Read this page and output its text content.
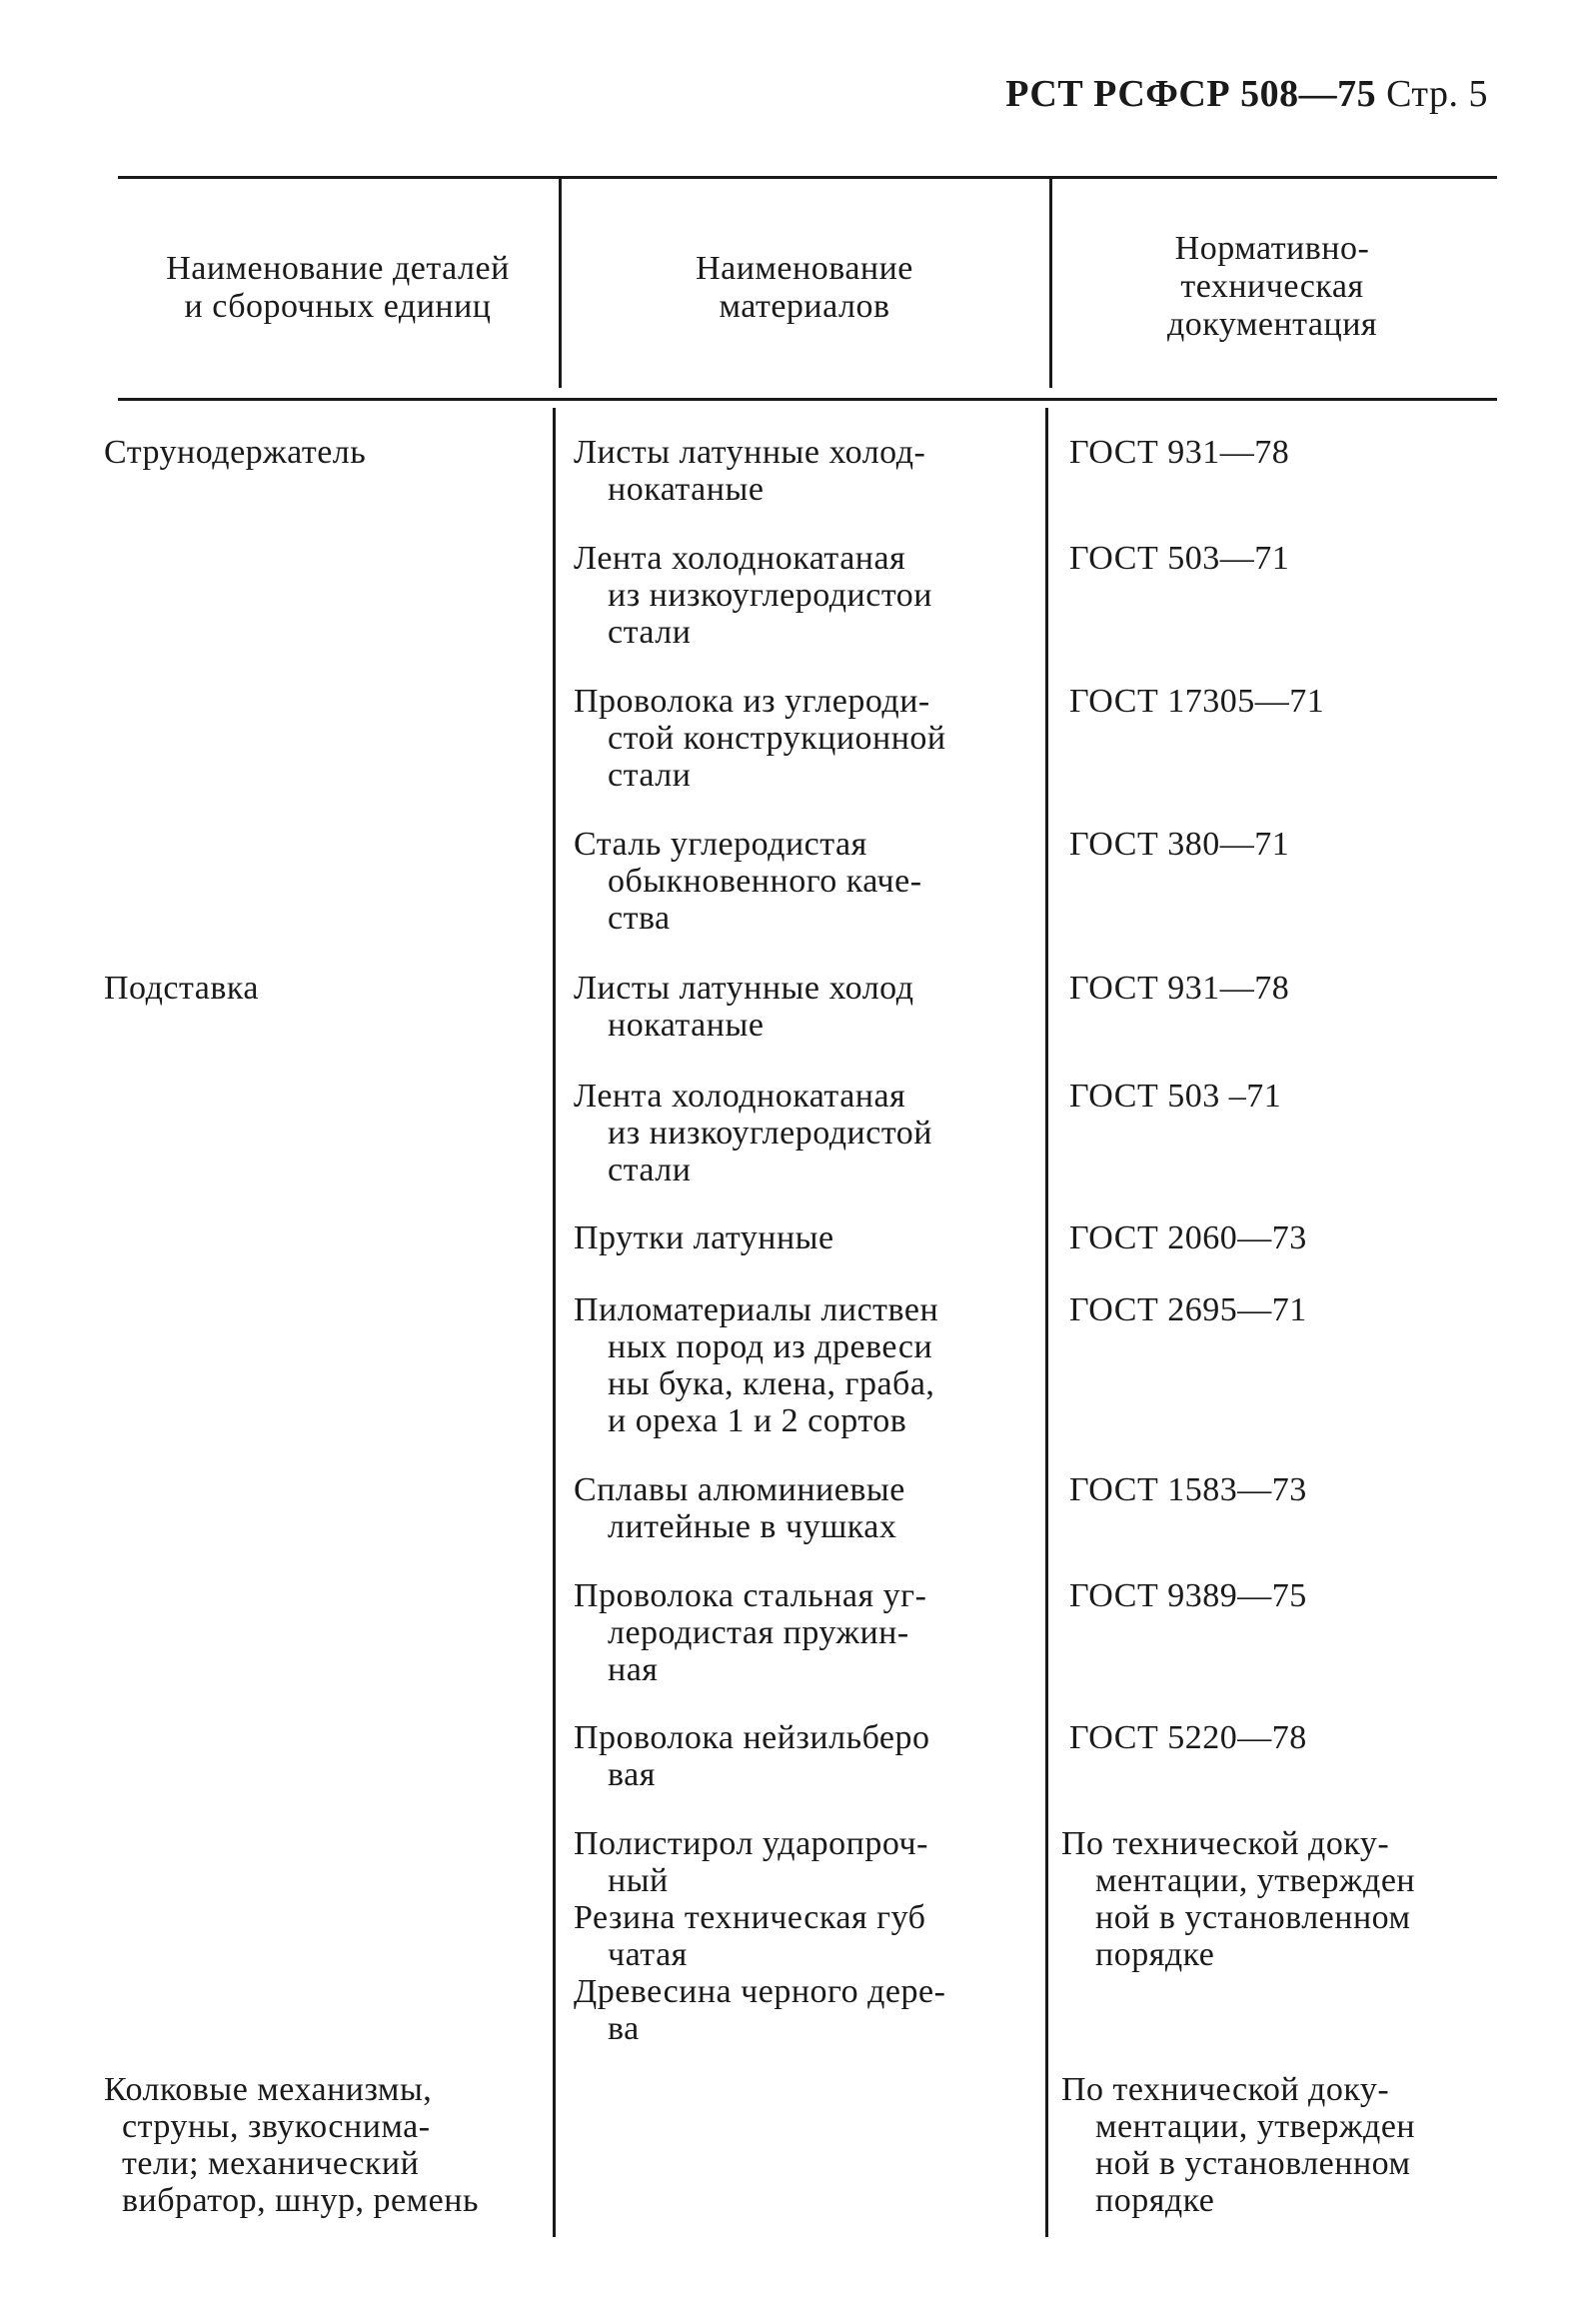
РСТ РСФСР 508—75 Стр. 5
Наименование деталей
и сборочных единиц
Наименование
материалов
Нормативно-
техническая
документация
Струнодержатель
Подставка
Колковые механизмы,
струны, звукоснима-
тели; механический
вибратор, шнур, ремень
Листы латунные холод-
нокатаные
Лента холоднокатаная
из низкоуглеродистои
стали
Проволока из углероди-
стой конструкционной
стали
Сталь углеродистая
обыкновенного каче-
ства
Листы латунные холод
нокатаные
Лента холоднокатаная
из низкоуглеродистой
стали
Прутки латунные
Пиломатериалы листвен
ных пород из древеси
ны бука, клена, граба,
и ореха 1 и 2 сортов
Сплавы алюминиевые
литейные в чушках
Проволока стальная уг-
леродистая пружин-
ная
Проволока нейзильберо
вая
Полистирол ударопроч-
ный
Резина техническая губ
чатая
Древесина черного дере-
ва
ГОСТ 931—78
ГОСТ 503—71
ГОСТ 17305—71
ГОСТ 380—71
ГОСТ 931—78
ГОСТ 503 –71
ГОСТ 2060—73
ГОСТ 2695—71
ГОСТ 1583—73
ГОСТ 9389—75
ГОСТ 5220—78
По технической доку-
ментации, утвержден
ной в установленном
порядке
По технической доку-
ментации, утвержден
ной в установленном
порядке
